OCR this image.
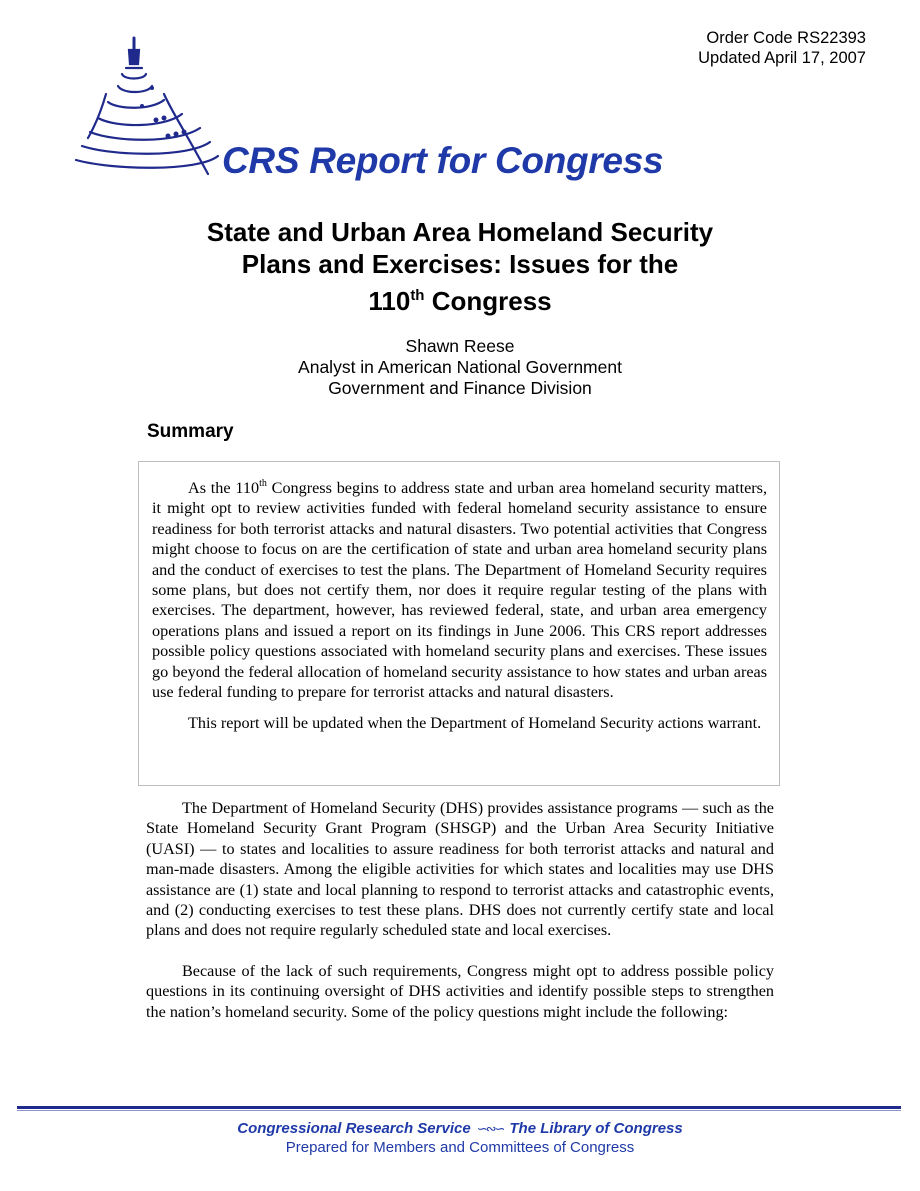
Order Code RS22393
Updated April 17, 2007
CRS Report for Congress
State and Urban Area Homeland Security
Plans and Exercises: Issues for the
110th Congress
Shawn Reese
Analyst in American National Government
Government and Finance Division
Summary

As the 110th Congress begins to address state and urban area homeland security matters, it might opt to review activities funded with federal homeland security assistance to ensure readiness for both terrorist attacks and natural disasters. Two potential activities that Congress might choose to focus on are the certification of state and urban area homeland security plans and the conduct of exercises to test the plans. The Department of Homeland Security requires some plans, but does not certify them, nor does it require regular testing of the plans with exercises. The department, however, has reviewed federal, state, and urban area emergency operations plans and issued a report on its findings in June 2006. This CRS report addresses possible policy questions associated with homeland security plans and exercises. These issues go beyond the federal allocation of homeland security assistance to how states and urban areas use federal funding to prepare for terrorist attacks and natural disasters.

This report will be updated when the Department of Homeland Security actions warrant.

The Department of Homeland Security (DHS) provides assistance programs — such as the State Homeland Security Grant Program (SHSGP) and the Urban Area Security Initiative (UASI) — to states and localities to assure readiness for both terrorist attacks and natural and man-made disasters. Among the eligible activities for which states and localities may use DHS assistance are (1) state and local planning to respond to terrorist attacks and catastrophic events, and (2) conducting exercises to test these plans. DHS does not currently certify state and local plans and does not require regularly scheduled state and local exercises.

Because of the lack of such requirements, Congress might opt to address possible policy questions in its continuing oversight of DHS activities and identify possible steps to strengthen the nation’s homeland security. Some of the policy questions might include the following:

Congressional Research Service ∽∾∽ The Library of Congress
Prepared for Members and Committees of Congress
